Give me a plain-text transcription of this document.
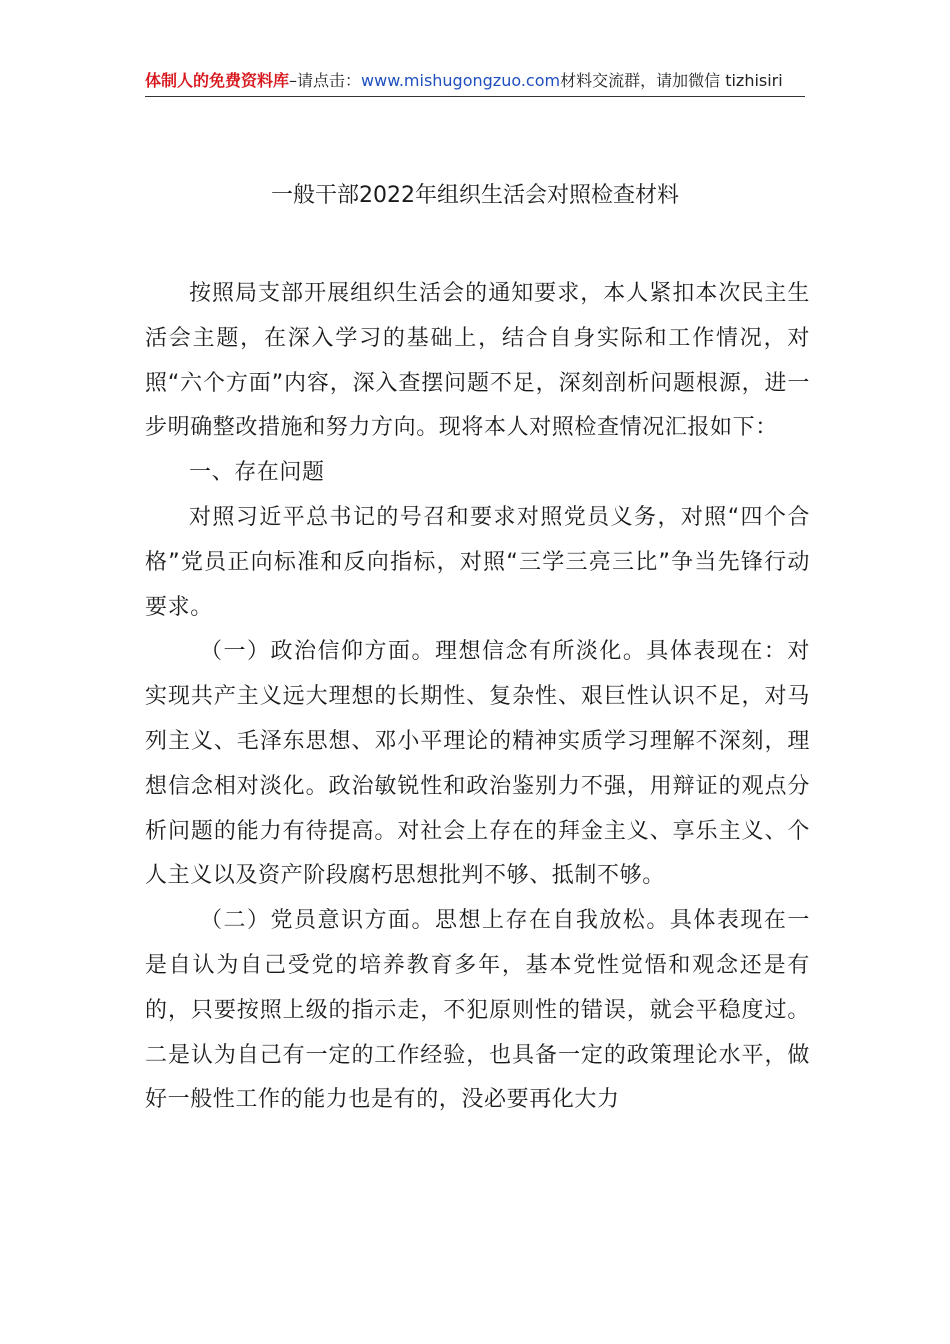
体制人的免费资料库–请点击：www.mishugongzuo.com材料交流群，请加微信 tizhisiri
一般干部2022年组织生活会对照检查材料

按照局支部开展组织生活会的通知要求，本人紧扣本次民主生活会主题，在深入学习的基础上，结合自身实际和工作情况，对照“六个方面”内容，深入查摆问题不足，深刻剖析问题根源，进一步明确整改措施和努力方向。现将本人对照检查情况汇报如下：

一、存在问题

对照习近平总书记的号召和要求对照党员义务，对照“四个合格”党员正向标准和反向指标，对照“三学三亮三比”争当先锋行动要求。

（一）政治信仰方面。理想信念有所淡化。具体表现在：对实现共产主义远大理想的长期性、复杂性、艰巨性认识不足，对马列主义、毛泽东思想、邓小平理论的精神实质学习理解不深刻，理想信念相对淡化。政治敏锐性和政治鉴别力不强，用辩证的观点分析问题的能力有待提高。对社会上存在的拜金主义、享乐主义、个人主义以及资产阶段腐朽思想批判不够、抵制不够。

（二）党员意识方面。思想上存在自我放松。具体表现在一是自认为自己受党的培养教育多年，基本党性觉悟和观念还是有的，只要按照上级的指示走，不犯原则性的错误，就会平稳度过。二是认为自己有一定的工作经验，也具备一定的政策理论水平，做好一般性工作的能力也是有的，没必要再化大力
